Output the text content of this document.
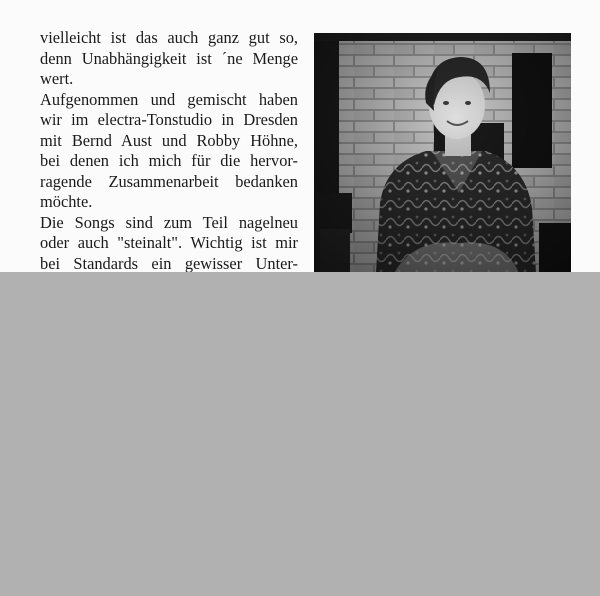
vielleicht ist das auch ganz gut so,
denn Unabhängigkeit ist ´ne Menge
wert.
Aufgenommen und gemischt haben
wir im electra-Tonstudio in Dresden
mit Bernd Aust und Robby Höhne,
bei denen ich mich für die hervor-
ragende Zusammenarbeit bedanken
möchte.
Die Songs sind zum Teil nagelneu
oder auch "steinalt". Wichtig ist mir
bei Standards ein gewisser Unter-
